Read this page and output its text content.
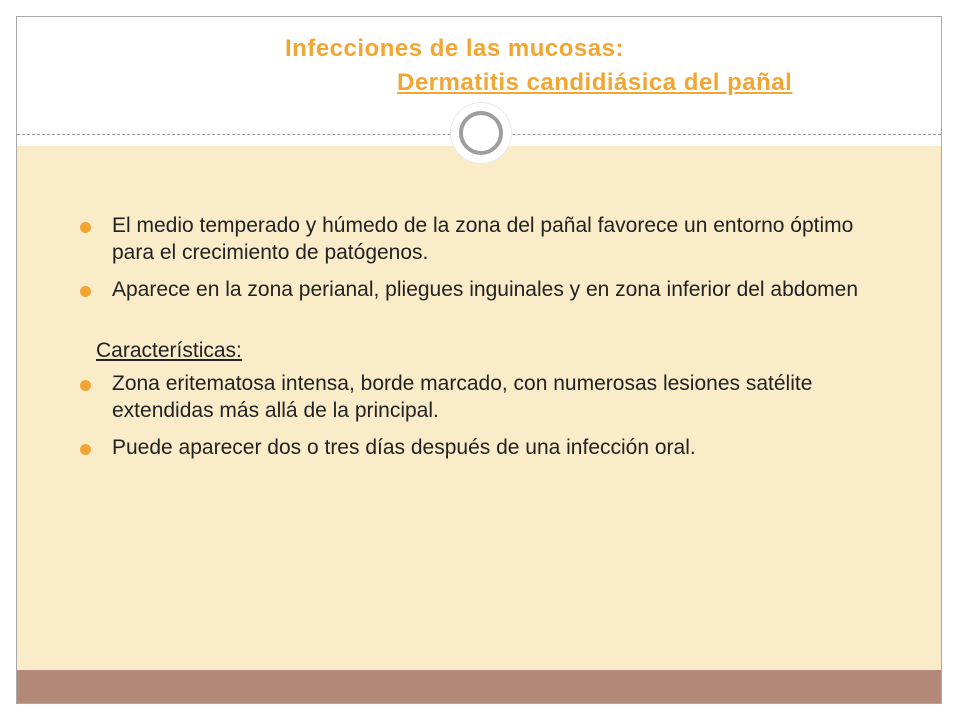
Infecciones de las mucosas:
Dermatitis candidiásica del pañal
El medio temperado y húmedo de la zona del pañal favorece un entorno óptimo para el crecimiento de patógenos.
Aparece en la zona perianal, pliegues inguinales y en zona inferior del abdomen
Características:
Zona eritematosa intensa, borde marcado, con numerosas lesiones satélite extendidas más allá de la principal.
Puede aparecer dos o tres días después de una infección oral.
